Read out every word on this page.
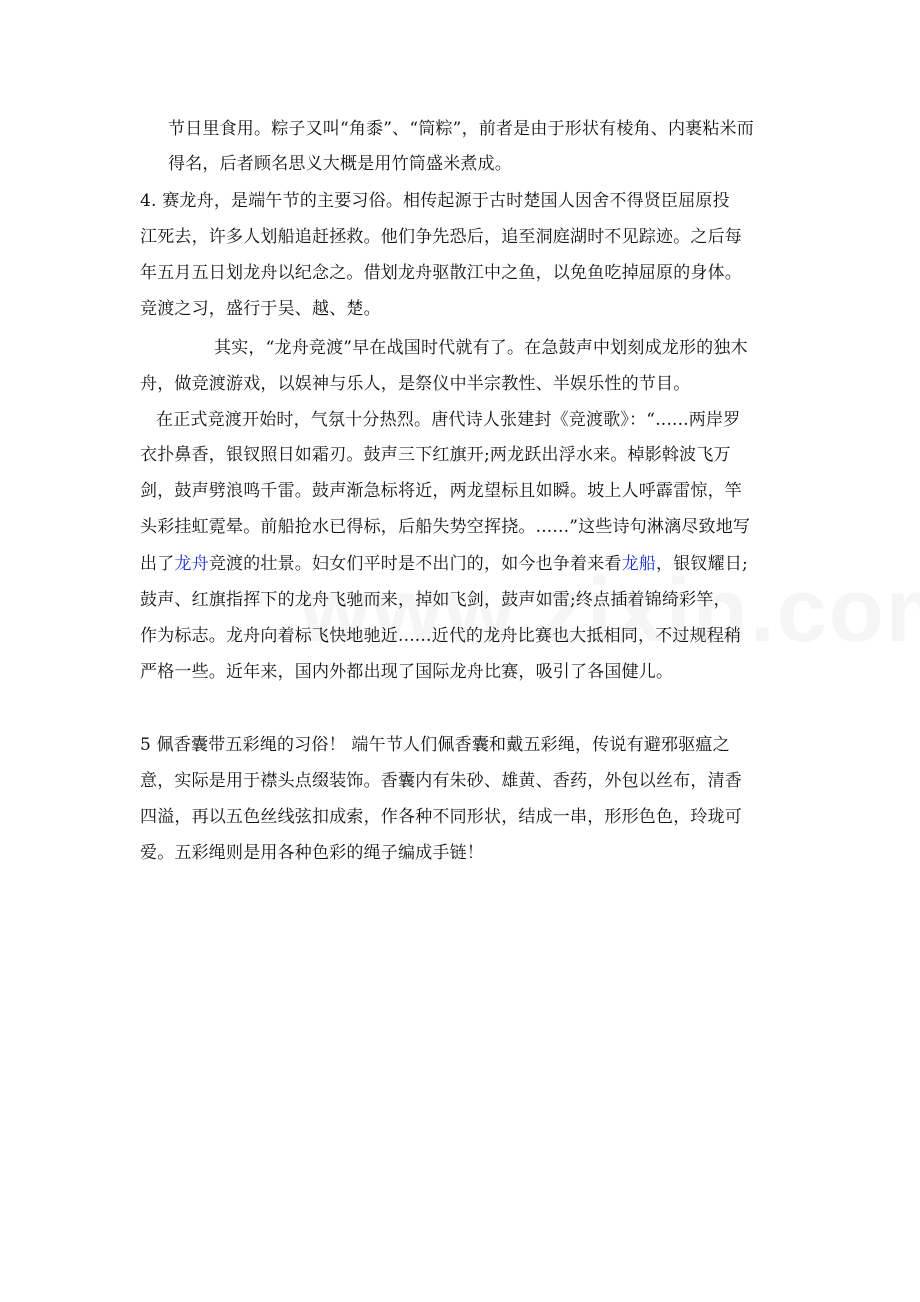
节日里食用。粽子又叫“角黍”、“筒粽”，前者是由于形状有棱角、内裹粘米而
得名，后者顾名思义大概是用竹筒盛米煮成。
4. 赛龙舟，是端午节的主要习俗。相传起源于古时楚国人因舍不得贤臣屈原投
江死去，许多人划船追赶拯救。他们争先恐后，追至洞庭湖时不见踪迹。之后每
年五月五日划龙舟以纪念之。借划龙舟驱散江中之鱼，以免鱼吃掉屈原的身体。
竞渡之习，盛行于吴、越、楚。
其实，“龙舟竞渡”早在战国时代就有了。在急鼓声中划刻成龙形的独木
舟，做竞渡游戏，以娱神与乐人，是祭仪中半宗教性、半娱乐性的节目。
在正式竞渡开始时，气氛十分热烈。唐代诗人张建封《竞渡歌》：“......两岸罗
衣扑鼻香，银钗照日如霜刃。鼓声三下红旗开;两龙跃出浮水来。棹影斡波飞万
剑，鼓声劈浪鸣千雷。鼓声渐急标将近，两龙望标且如瞬。坡上人呼霹雷惊，竿
头彩挂虹霓晕。前船抢水已得标，后船失势空挥挠。......”这些诗句淋漓尽致地写
出了龙舟竞渡的壮景。妇女们平时是不出门的，如今也争着来看龙船，银钗耀日;
鼓声、红旗指挥下的龙舟飞驰而来，掉如飞剑，鼓声如雷;终点插着锦绮彩竿，
作为标志。龙舟向着标飞快地驰近......近代的龙舟比赛也大抵相同，不过规程稍
严格一些。近年来，国内外都出现了国际龙舟比赛，吸引了各国健儿。
5 佩香囊带五彩绳的习俗！ 端午节人们佩香囊和戴五彩绳，传说有避邪驱瘟之
意，实际是用于襟头点缀装饰。香囊内有朱砂、雄黄、香药，外包以丝布，清香
四溢，再以五色丝线弦扣成索，作各种不同形状，结成一串，形形色色，玲珑可
爱。五彩绳则是用各种色彩的绳子编成手链！
